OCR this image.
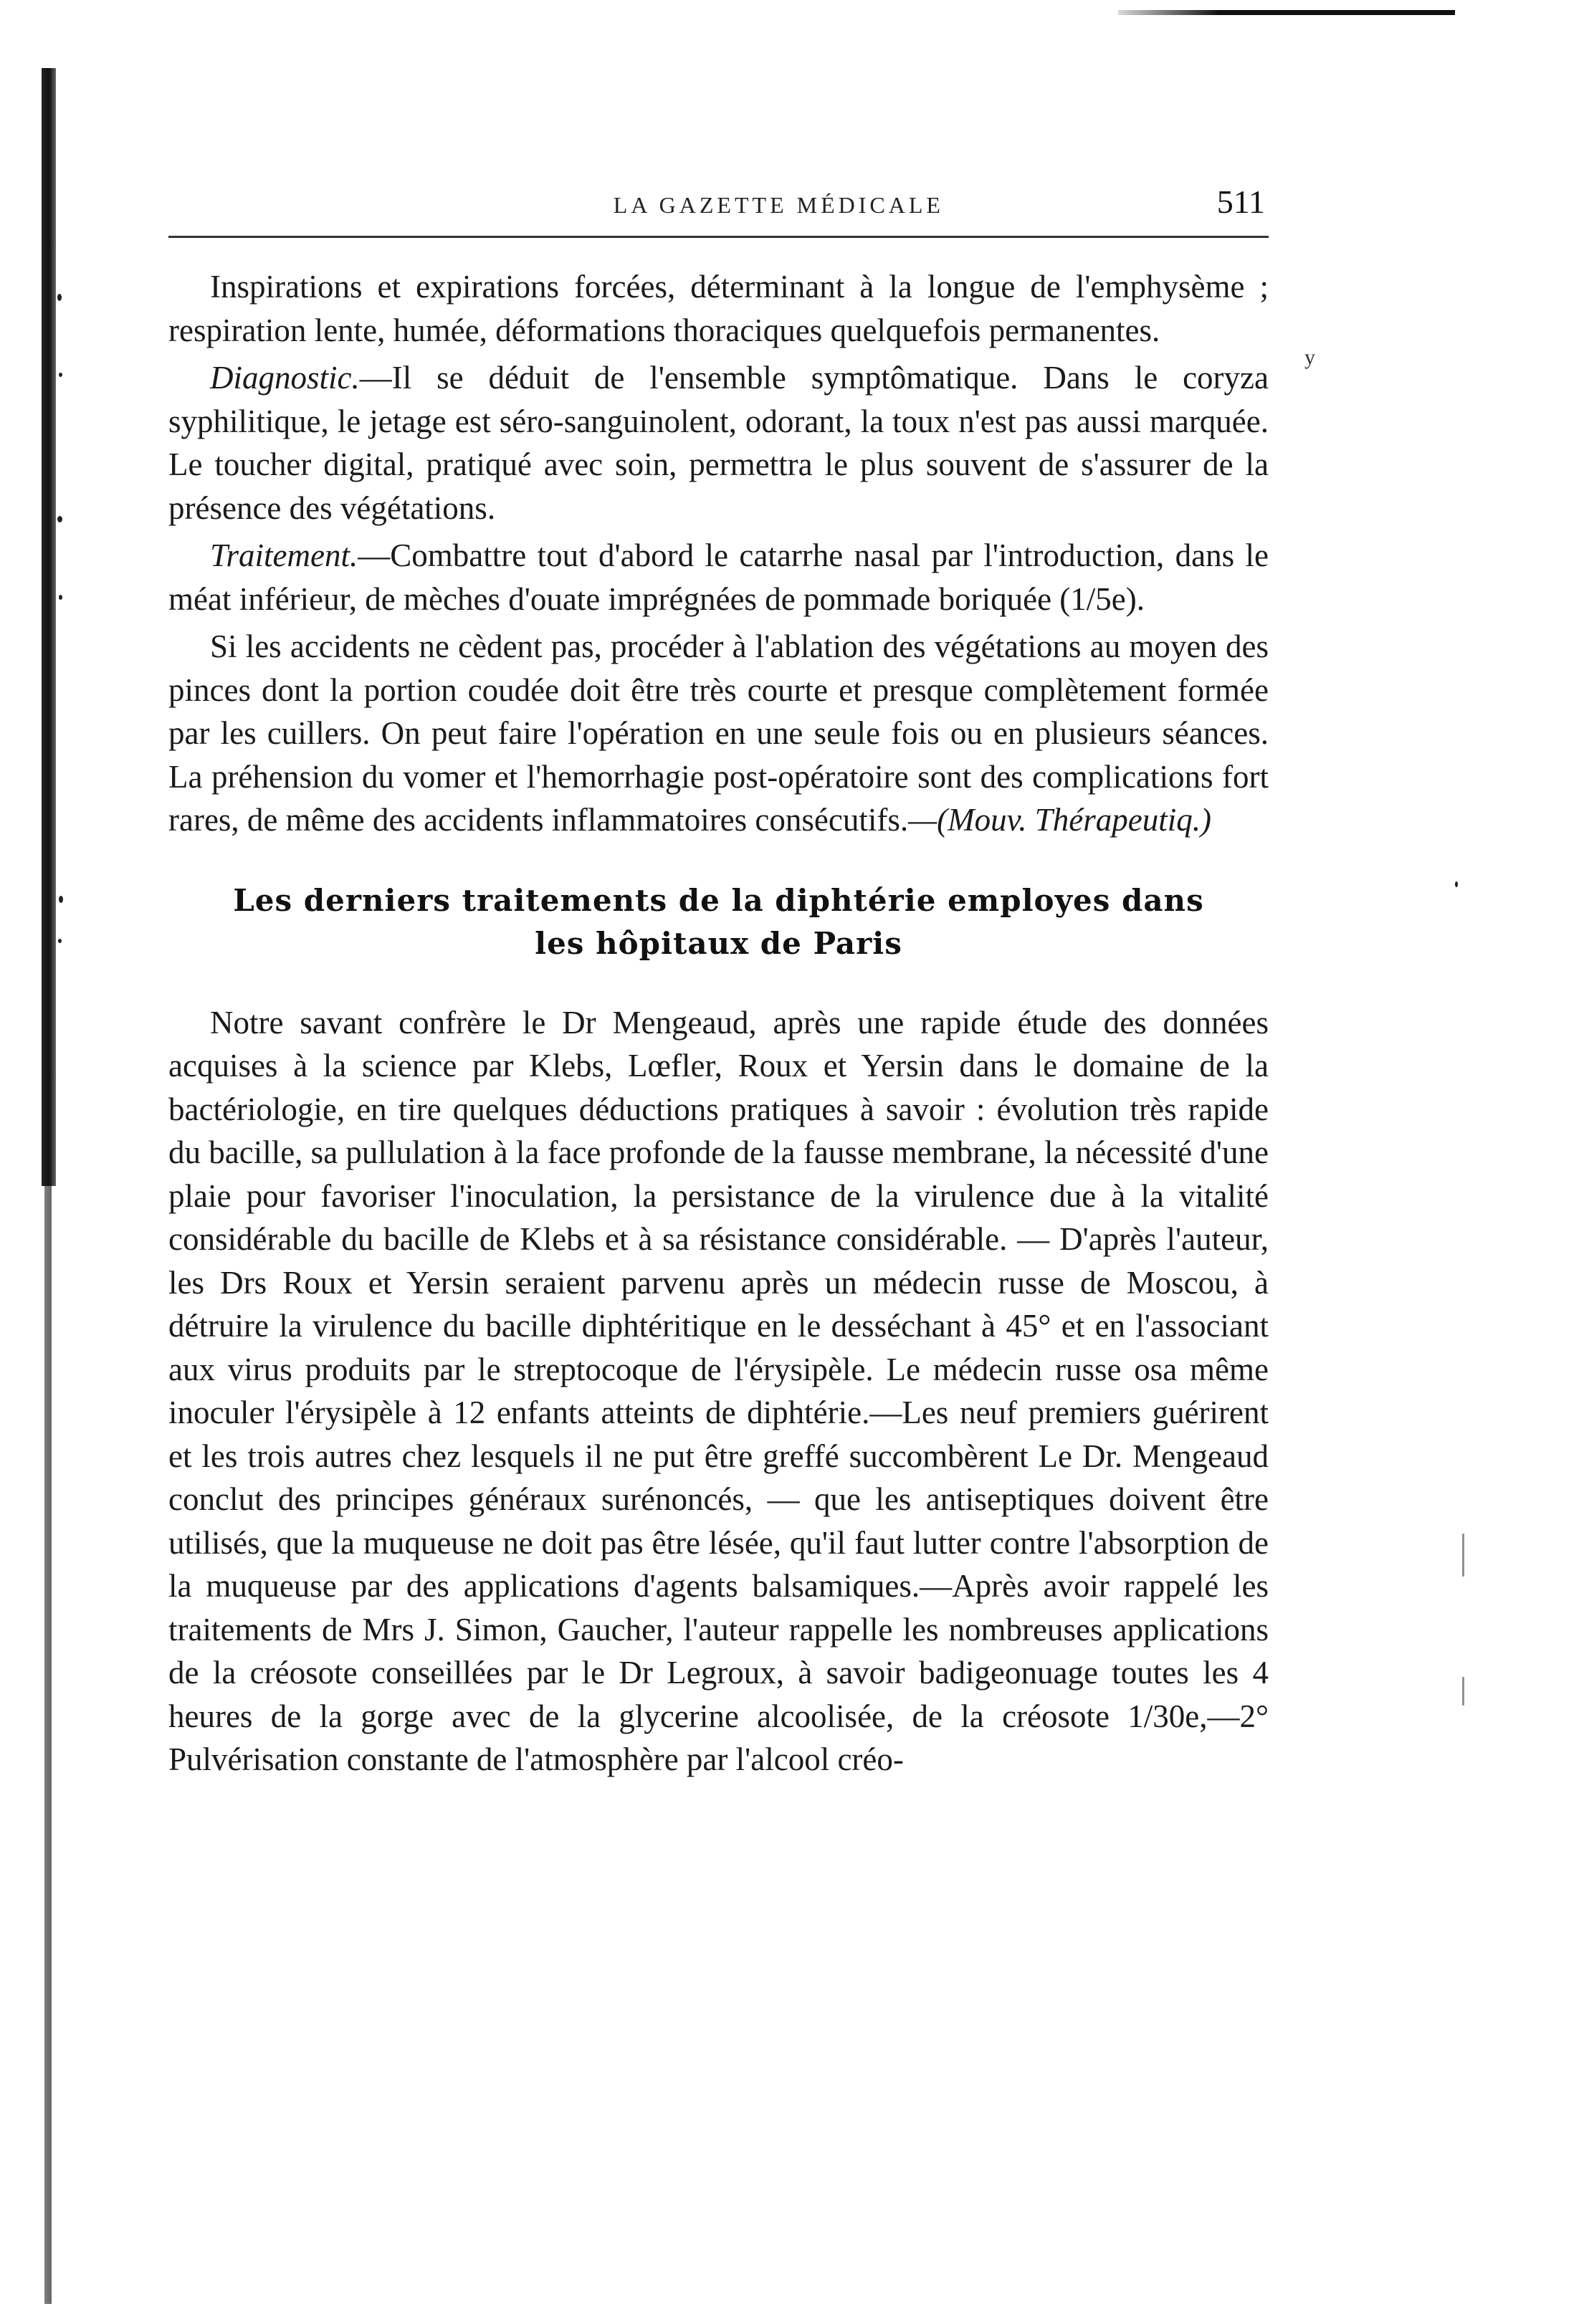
y
LA GAZETTE MÉDICALE	511

Inspirations et expirations forcées, déterminant à la longue de l'emphysème ; respiration lente, humée, déformations thoraciques quelquefois permanentes.

Diagnostic.—Il se déduit de l'ensemble symptômatique. Dans le coryza syphilitique, le jetage est séro-sanguinolent, odorant, la toux n'est pas aussi marquée. Le toucher digital, pratiqué avec soin, permettra le plus souvent de s'assurer de la présence des végétations.

Traitement.—Combattre tout d'abord le catarrhe nasal par l'introduction, dans le méat inférieur, de mèches d'ouate imprégnées de pommade boriquée (1/5e).

Si les accidents ne cèdent pas, procéder à l'ablation des végétations au moyen des pinces dont la portion coudée doit être très courte et presque complètement formée par les cuillers. On peut faire l'opération en une seule fois ou en plusieurs séances. La préhension du vomer et l'hemorrhagie post-opératoire sont des complications fort rares, de même des accidents inflammatoires consécutifs.—(Mouv. Thérapeutiq.)

Les derniers traitements de la diphtérie employes dans
les hôpitaux de Paris

Notre savant confrère le Dr Mengeaud, après une rapide étude des données acquises à la science par Klebs, Lœfler, Roux et Yersin dans le domaine de la bactériologie, en tire quelques déductions pratiques à savoir : évolution très rapide du bacille, sa pullulation à la face profonde de la fausse membrane, la nécessité d'une plaie pour favoriser l'inoculation, la persistance de la virulence due à la vitalité considérable du bacille de Klebs et à sa résistance considérable. — D'après l'auteur, les Drs Roux et Yersin seraient parvenu après un médecin russe de Moscou, à détruire la virulence du bacille diphtéritique en le desséchant à 45° et en l'associant aux virus produits par le streptocoque de l'érysipèle. Le médecin russe osa même inoculer l'érysipèle à 12 enfants atteints de diphtérie.—Les neuf premiers guérirent et les trois autres chez lesquels il ne put être greffé succombèrent Le Dr. Mengeaud conclut des principes généraux surénoncés, — que les antiseptiques doivent être utilisés, que la muqueuse ne doit pas être lésée, qu'il faut lutter contre l'absorption de la muqueuse par des applications d'agents balsamiques.—Après avoir rappelé les traitements de Mrs J. Simon, Gaucher, l'auteur rappelle les nombreuses applications de la créosote conseillées par le Dr Legroux, à savoir badigeonuage toutes les 4 heures de la gorge avec de la glycerine alcoolisée, de la créosote 1/30e,—2° Pulvérisation constante de l'atmosphère par l'alcool créo-
